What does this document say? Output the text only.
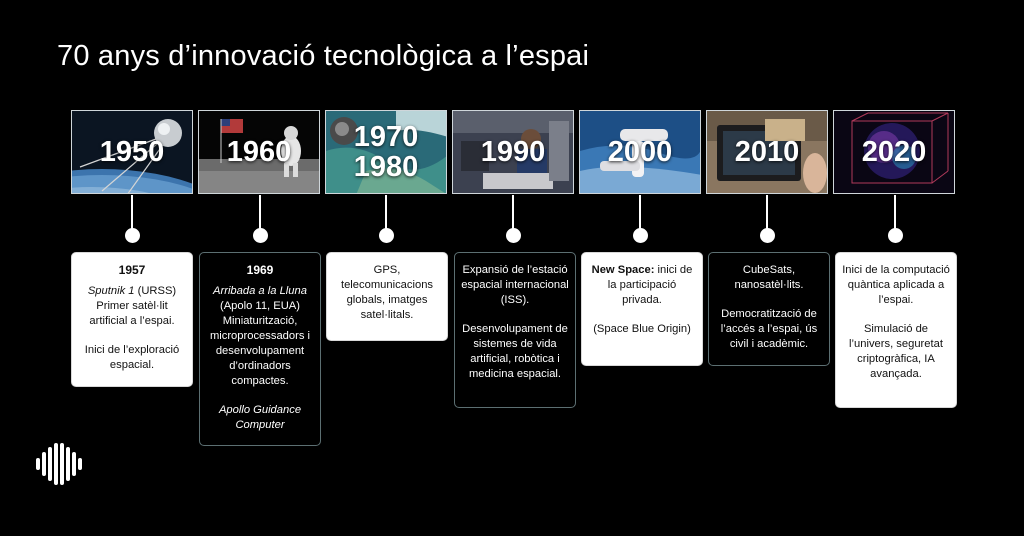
70 anys d’innovació tecnològica a l’espai
1950 1960 1970
1980 1990 2000 2010 2020
1957

Sputnik 1 (URSS) Primer satèl·lit artificial a l’espai.

Inici de l’exploració espacial.

1969

Arribada a la Lluna (Apolo 11, EUA) Miniaturització, microprocessadors i desenvolupament d’ordinadors compactes.

Apollo Guidance Computer

GPS, telecomunicacions globals, imatges satel·litals.

Expansió de l’estació espacial internacional (ISS).

Desenvolupament de sistemes de vida artificial, robòtica i medicina espacial.

New Space: inici de la participació privada.

(Space Blue Origin)

CubeSats, nanosatèl·lits.

Democratització de l’accés a l’espai, ús civil i acadèmic.

Inici de la computació quàntica aplicada a l’espai.

Simulació de l’univers, seguretat criptogràfica, IA avançada.
